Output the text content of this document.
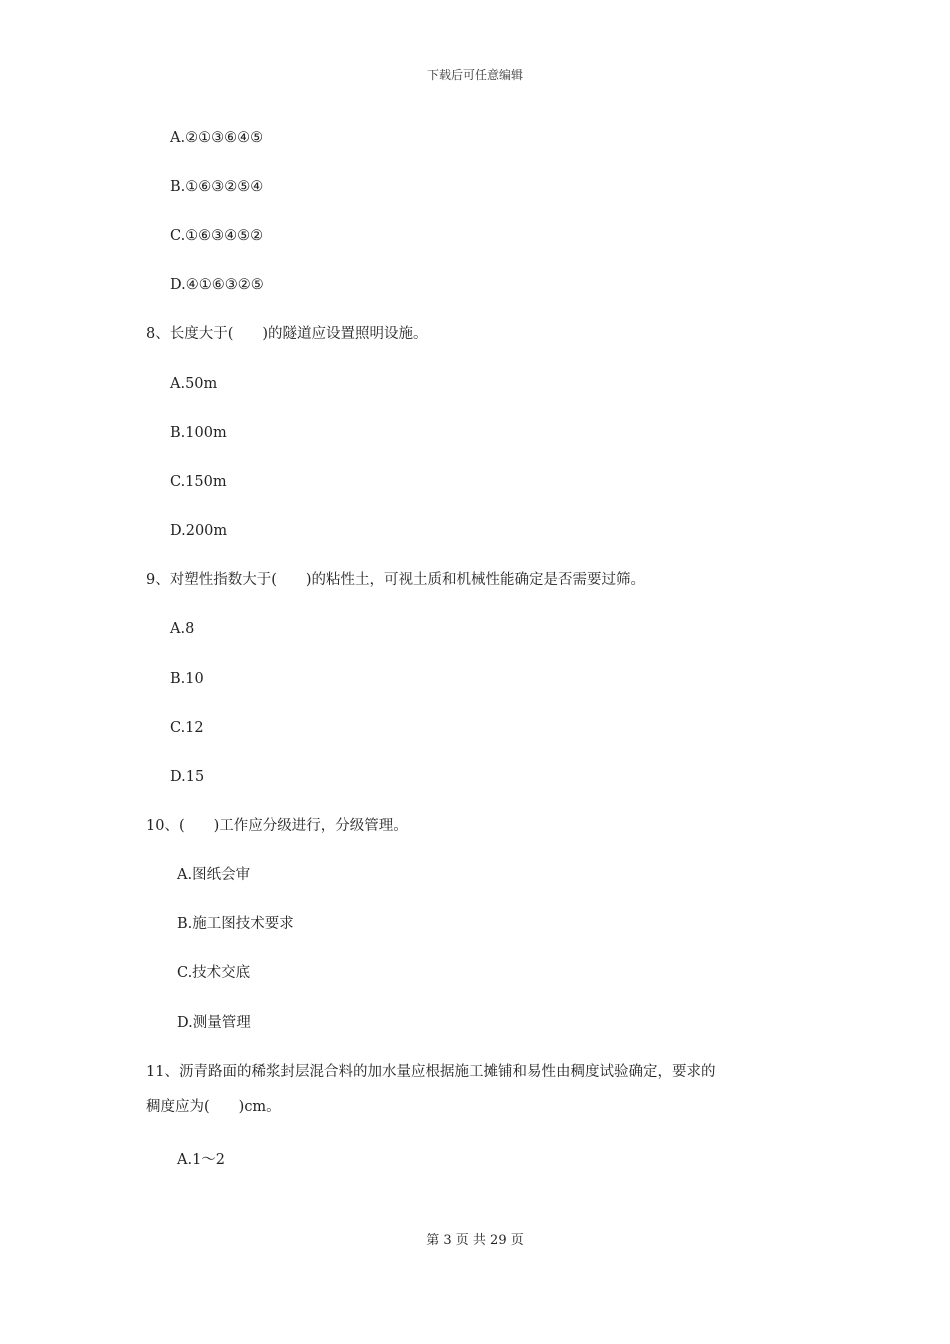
下载后可任意编辑
A.②①③⑥④⑤
B.①⑥③②⑤④
C.①⑥③④⑤②
D.④①⑥③②⑤
8、长度大于(　　)的隧道应设置照明设施。
A.50m
B.100m
C.150m
D.200m
9、对塑性指数大于(　　)的粘性土，可视土质和机械性能确定是否需要过筛。
A.8
B.10
C.12
D.15
10、(　　)工作应分级进行，分级管理。
A.图纸会审
B.施工图技术要求
C.技术交底
D.测量管理
11、沥青路面的稀浆封层混合料的加水量应根据施工摊铺和易性由稠度试验确定，要求的
稠度应为(　　)cm。
A.1～2
第 3 页 共 29 页
